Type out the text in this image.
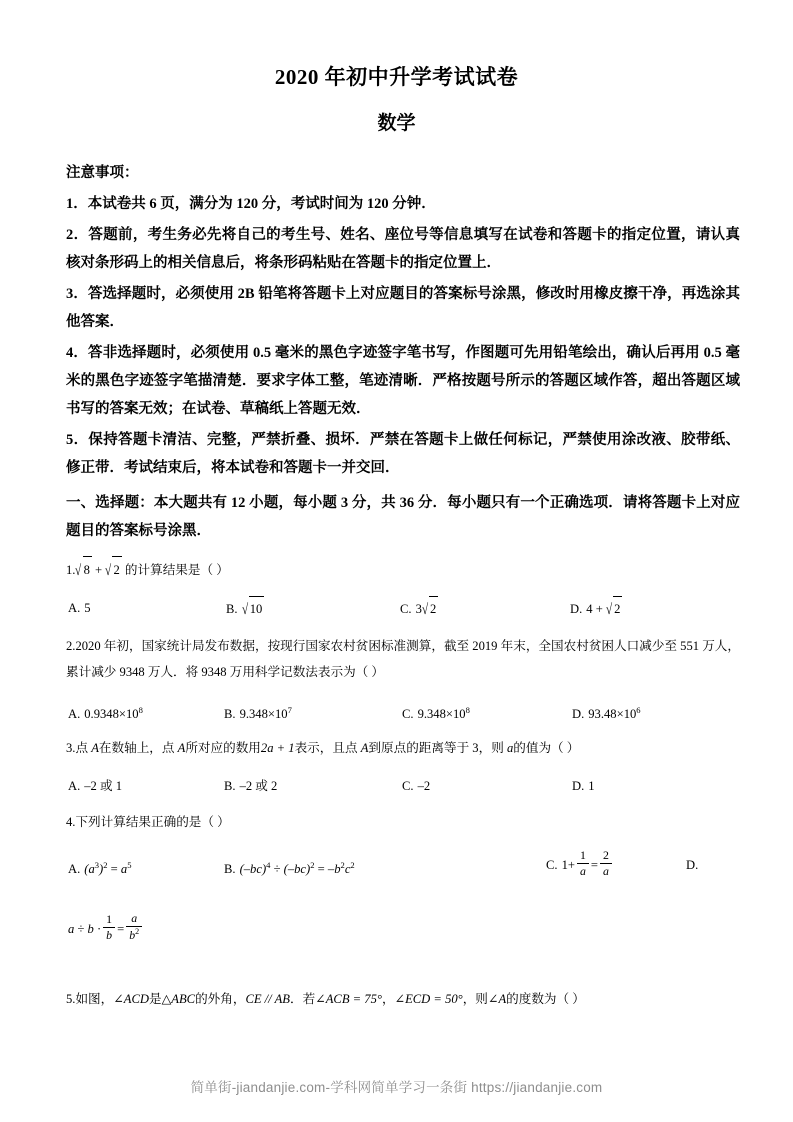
2020 年初中升学考试试卷
数学

注意事项：

1．本试卷共 6 页，满分为 120 分，考试时间为 120 分钟．

2．答题前，考生务必先将自己的考生号、姓名、座位号等信息填写在试卷和答题卡的指定位置，请认真核对条形码上的相关信息后，将条形码粘贴在答题卡的指定位置上．

3．答选择题时，必须使用 2B 铅笔将答题卡上对应题目的答案标号涂黑，修改时用橡皮擦干净，再选涂其他答案．

4．答非选择题时，必须使用 0.5 毫米的黑色字迹签字笔书写，作图题可先用铅笔绘出，确认后再用 0.5 毫米的黑色字迹签字笔描清楚．要求字体工整，笔迹清晰．严格按题号所示的答题区域作答，超出答题区域书写的答案无效；在试卷、草稿纸上答题无效．

5．保持答题卡清洁、完整，严禁折叠、损坏．严禁在答题卡上做任何标记，严禁使用涂改液、胶带纸、修正带．考试结束后，将本试卷和答题卡一并交回．

一、选择题：本大题共有 12 小题，每小题 3 分，共 36 分．每小题只有一个正确选项．请将答题卡上对应题目的答案标号涂黑．

1.√ 8 + √ 2 的计算结果是（ ）

A. 5	B. √ 10	C. 3√ 2	D. 4 + √ 2

2.2020 年初，国家统计局发布数据，按现行国家农村贫困标准测算，截至 2019 年末，全国农村贫困人口减少至 551 万人，累计减少 9348 万人．将 9348 万用科学记数法表示为（ ）

A. $0.9348\times 10^8$	B. $9.348\times 10^7$	C. $9.348\times 10^8$	D. $93.48\times 10^6$

3.点 A在数轴上，点 A所对应的数用2a + 1表示，且点 A到原点的距离等于 3，则 a的值为（ ）

A. –2 或 1	B. –2 或 2	C. –2	D. 1

4.下列计算结果正确的是（ ）

A. $(a^3)^2 = a^5$	B. $(-bc)^4 \div (-bc)^2 = -b^2c^2$	C. $1+ \frac{1}{a} = \frac{2}{a}$	D.
$a \div b \cdot \frac{1}{b} = \frac{a}{b^2}$

5.如图，∠ACD是△ABC的外角，CE // AB．若∠ACB = 75°，∠ECD = 50°，则∠A的度数为（ ）

简单街-jiandanjie.com-学科网简单学习一条街 https://jiandanjie.com
